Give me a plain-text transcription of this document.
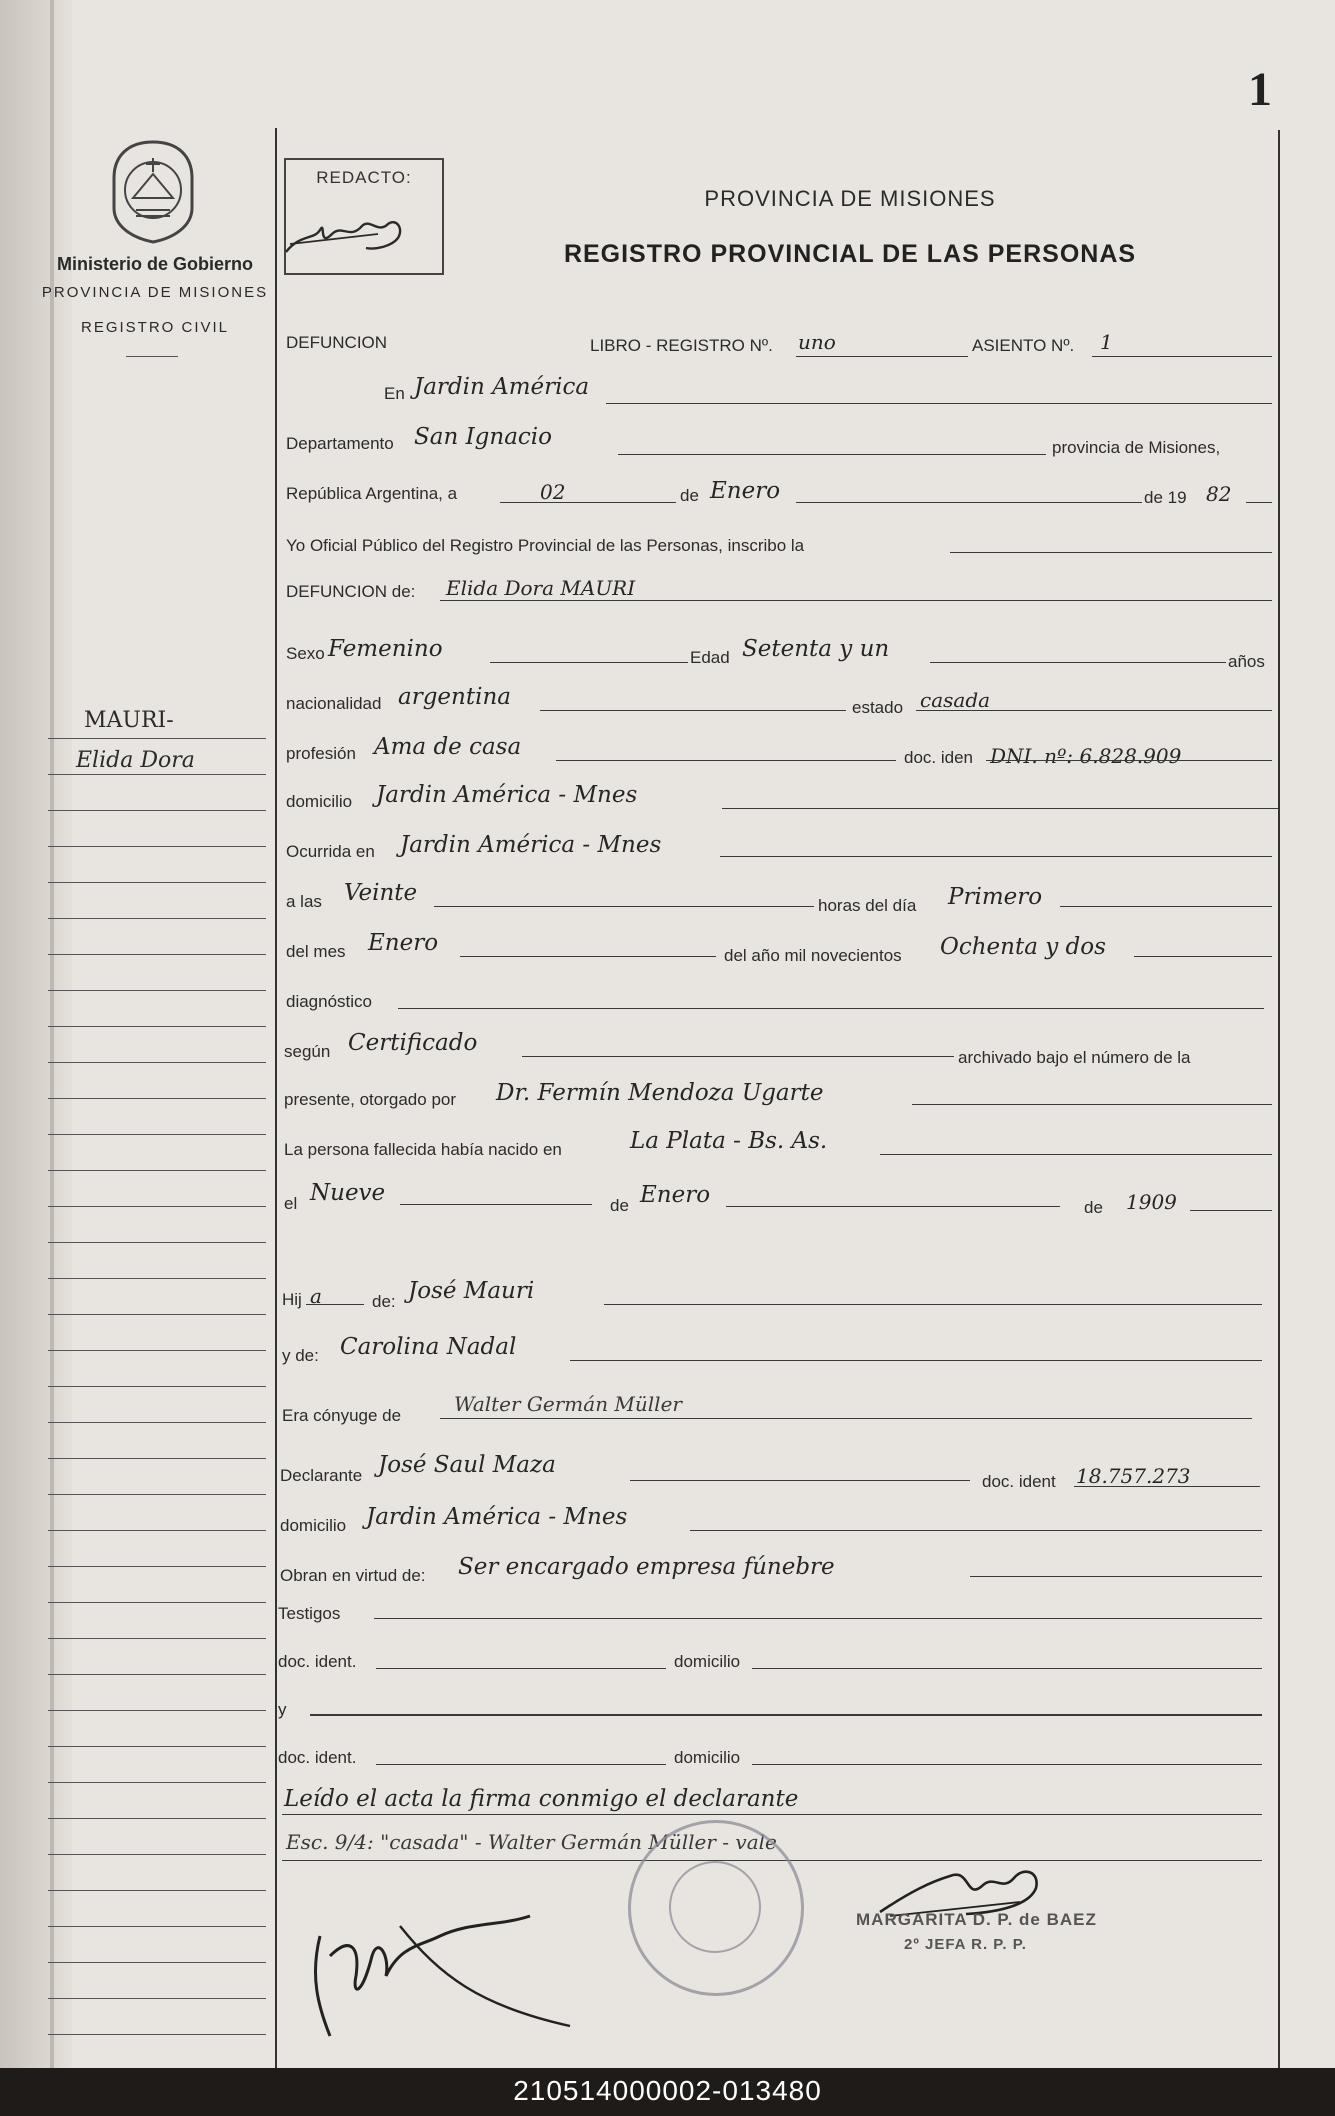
1
Ministerio de Gobierno
PROVINCIA DE MISIONES
REGISTRO CIVIL
MAURI-
Elida Dora
REDACTO:
PROVINCIA DE MISIONES
REGISTRO PROVINCIAL DE LAS PERSONAS
DEFUNCION	LIBRO - REGISTRO Nº. uno	ASIENTO Nº. 1
En Jardin América
Departamento San Ignacio	provincia de Misiones,
República Argentina, a	02	de Enero	de 19 82
Yo Oficial Público del Registro Provincial de las Personas, inscribo la
DEFUNCION de: Elida Dora MAURI
Sexo Femenino	Edad Setenta y un	años
nacionalidad argentina	estado casada
profesión Ama de casa	doc. iden DNI. nº: 6.828.909
domicilio Jardin América - Mnes
Ocurrida en Jardin América - Mnes
a las Veinte	horas del día Primero
del mes Enero	del año mil novecientos Ochenta y dos
diagnóstico
según Certificado
archivado bajo el número de la
presente, otorgado por Dr. Fermín Mendoza Ugarte
La persona fallecida había nacido en	La Plata - Bs. As.
el Nueve	de Enero	de 1909
Hij a	de: José Mauri
y de: Carolina Nadal
Era cónyuge de	Walter Germán Müller
Declarante José Saul Maza
doc. ident 18.757.273
domicilio Jardin América - Mnes
Obran en virtud de: Ser encargado empresa fúnebre
Testigos
doc. ident.	domicilio
y
doc. ident.	domicilio
Leído el acta la firma conmigo el declarante
Esc. 9/4: "casada" - Walter Germán Müller - vale
MARGARITA D. P. de BAEZ
2º JEFA R. P. P.
210514000002-013480
